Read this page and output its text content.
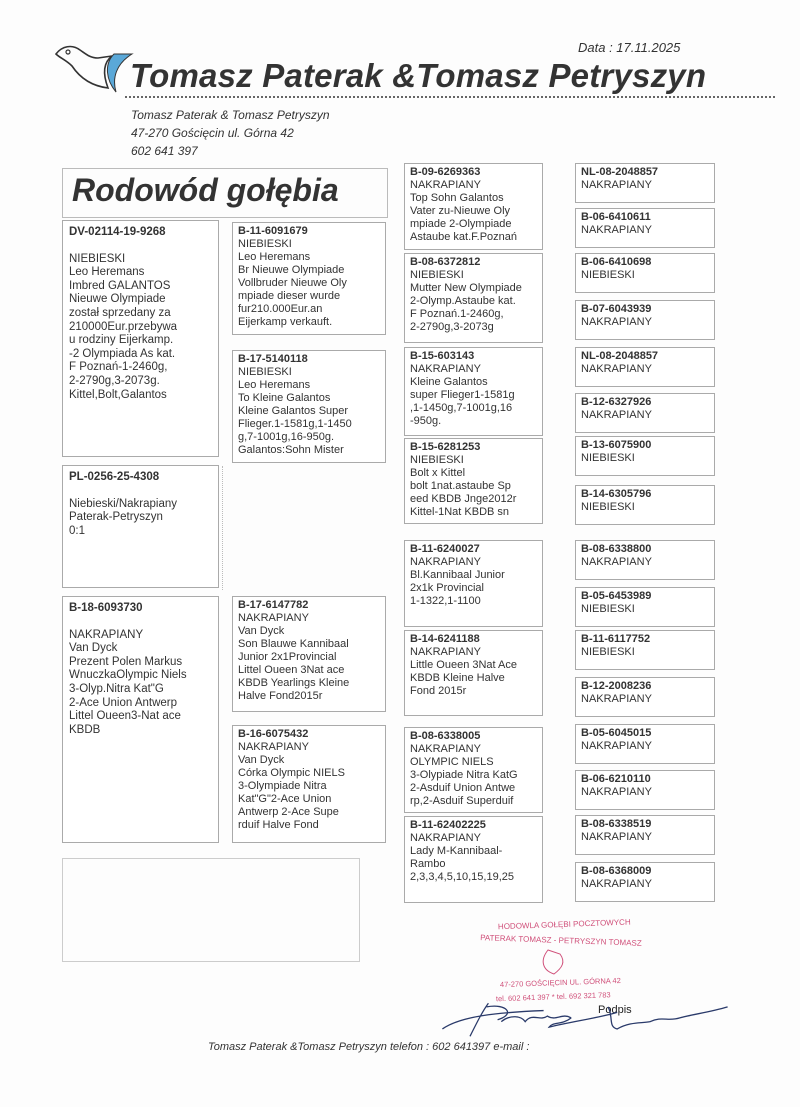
Data : 17.11.2025
Tomasz Paterak &Tomasz Petryszyn
Tomasz Paterak & Tomasz Petryszyn
47-270 Gościęcin ul. Górna 42
602 641 397
Rodowód gołębia
DV-02114-19-9268
NIEBIESKI
Leo Heremans
Imbred GALANTOS
Nieuwe Olympiade
został sprzedany za
210000Eur.przebywa
u rodziny Eijerkamp.
-2 Olympiada As kat.
F Poznań-1-2460g,
2-2790g,3-2073g.
Kittel,Bolt,Galantos
PL-0256-25-4308
Niebieski/Nakrapiany
Paterak-Petryszyn
0:1
B-18-6093730
NAKRAPIANY
Van Dyck
Prezent Polen Markus
WnuczkaOlympic Niels
3-Olyp.Nitra Kat"G
2-Ace Union Antwerp
Littel Oueen3-Nat ace
KBDB
B-11-6091679
NIEBIESKI
Leo Heremans
Br Nieuwe Olympiade
Vollbruder Nieuwe Oly
mpiade dieser wurde
fur210.000Eur.an
Eijerkamp verkauft.
B-17-5140118
NIEBIESKI
Leo Heremans
To Kleine Galantos
Kleine Galantos Super
Flieger.1-1581g,1-1450
g,7-1001g,16-950g.
Galantos:Sohn Mister
B-17-6147782
NAKRAPIANY
Van Dyck
Son Blauwe Kannibaal
Junior 2x1Provincial
Littel Oueen 3Nat ace
KBDB Yearlings Kleine
Halve Fond2015r
B-16-6075432
NAKRAPIANY
Van Dyck
Córka Olympic NIELS
3-Olympiade Nitra
Kat"G"2-Ace Union
Antwerp 2-Ace Supe
rduif Halve Fond
B-09-6269363
NAKRAPIANY
Top Sohn Galantos
Vater zu-Nieuwe Oly
mpiade 2-Olympiade
Astaube kat.F.Poznań
B-08-6372812
NIEBIESKI
Mutter New Olympiade
2-Olymp.Astaube kat.
F Poznań.1-2460g,
2-2790g,3-2073g
B-15-603143
NAKRAPIANY
Kleine Galantos
super Flieger1-1581g
,1-1450g,7-1001g,16
-950g.
B-15-6281253
NIEBIESKI
Bolt x Kittel
bolt 1nat.astaube Sp
eed KBDB Jnge2012r
Kittel-1Nat KBDB sn
B-11-6240027
NAKRAPIANY
Bl.Kannibaal Junior
2x1k Provincial
1-1322,1-1100
B-14-6241188
NAKRAPIANY
Little Oueen 3Nat Ace
KBDB Kleine Halve
Fond 2015r
B-08-6338005
NAKRAPIANY
OLYMPIC NIELS
3-Olypiade Nitra KatG
2-Asduif Union Antwe
rp,2-Asduif Superduif
B-11-62402225
NAKRAPIANY
Lady M-Kannibaal-
Rambo
2,3,3,4,5,10,15,19,25
NL-08-2048857
NAKRAPIANY
B-06-6410611
NAKRAPIANY
B-06-6410698
NIEBIESKI
B-07-6043939
NAKRAPIANY
NL-08-2048857
NAKRAPIANY
B-12-6327926
NAKRAPIANY
B-13-6075900
NIEBIESKI
B-14-6305796
NIEBIESKI
B-08-6338800
NAKRAPIANY
B-05-6453989
NIEBIESKI
B-11-6117752
NIEBIESKI
B-12-2008236
NAKRAPIANY
B-05-6045015
NAKRAPIANY
B-06-6210110
NAKRAPIANY
B-08-6338519
NAKRAPIANY
B-08-6368009
NAKRAPIANY
HODOWLA GOŁĘBI POCZTOWYCH
PATERAK TOMASZ - PETRYSZYN TOMASZ
47-270 GOŚCIĘCIN UL. GÓRNA 42
tel. 602 641 397 * tel. 692 321 783
Podpis
Tomasz Paterak &Tomasz Petryszyn telefon : 602 641397 e-mail :
